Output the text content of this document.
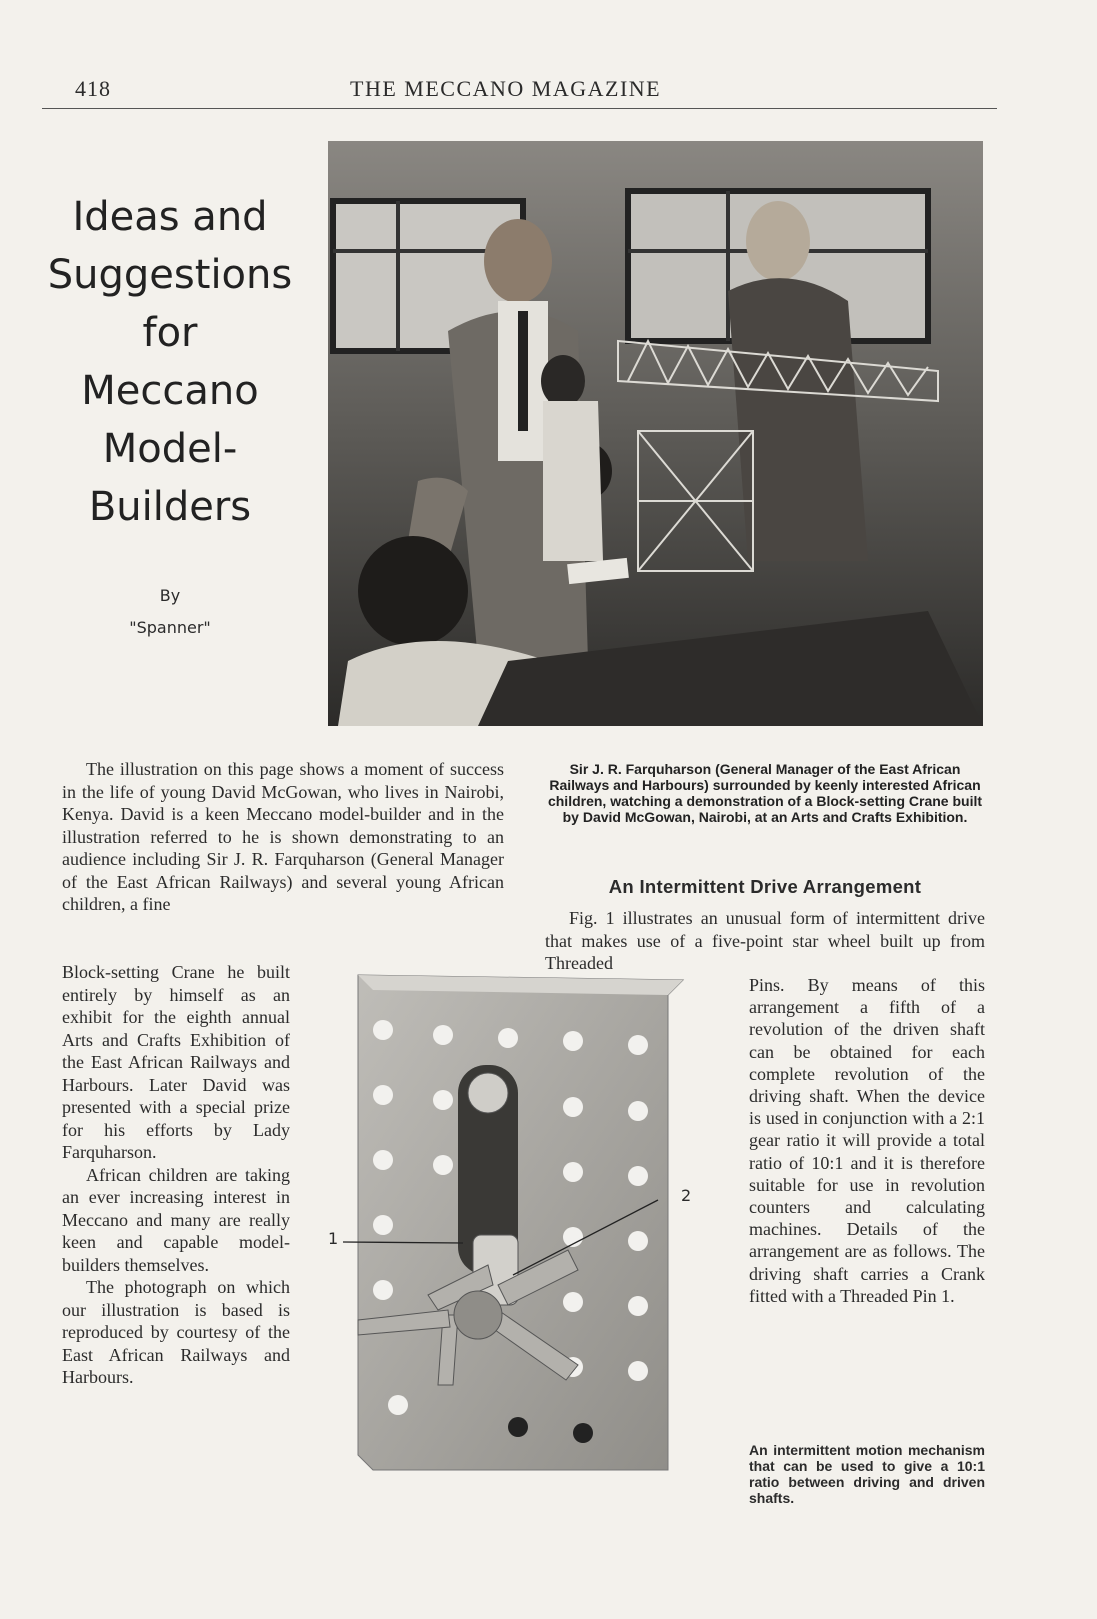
418	THE MECCANO MAGAZINE
Ideas and
Suggestions
for
Meccano
Model-
Builders
By
"Spanner"

The illustration on this page shows a moment of success in the life of young David McGowan, who lives in Nairobi, Kenya. David is a keen Meccano model-builder and in the illustration referred to he is shown demonstrating to an audience including Sir J. R. Farquharson (General Manager of the East African Railways) and several young African children, a fine

Block-setting Crane he built entirely by himself as an exhibit for the eighth annual Arts and Crafts Exhibition of the East African Railways and Harbours. Later David was presented with a special prize for his efforts by Lady Farquharson.

African children are taking an ever increasing interest in Meccano and many are really keen and capable model-builders themselves.

The photograph on which our illustration is based is reproduced by courtesy of the East African Railways and Harbours.

Sir J. R. Farquharson (General Manager of the East African Railways and Harbours) surrounded by keenly interested African children, watching a demonstration of a Block-setting Crane built by David McGowan, Nairobi, at an Arts and Crafts Exhibition.
An Intermittent Drive Arrangement

Fig. 1 illustrates an unusual form of intermittent drive that makes use of a five-point star wheel built up from Threaded

Pins. By means of this arrangement a fifth of a revolution of the driven shaft can be obtained for each complete revolution of the driving shaft. When the device is used in conjunction with a 2:1 gear ratio it will provide a total ratio of 10:1 and it is therefore suitable for use in revolution counters and calculating machines. Details of the arrangement are as follows. The driving shaft carries a Crank fitted with a Threaded Pin 1.

1
2
An intermittent motion mechanism that can be used to give a 10:1 ratio between driving and driven shafts.
